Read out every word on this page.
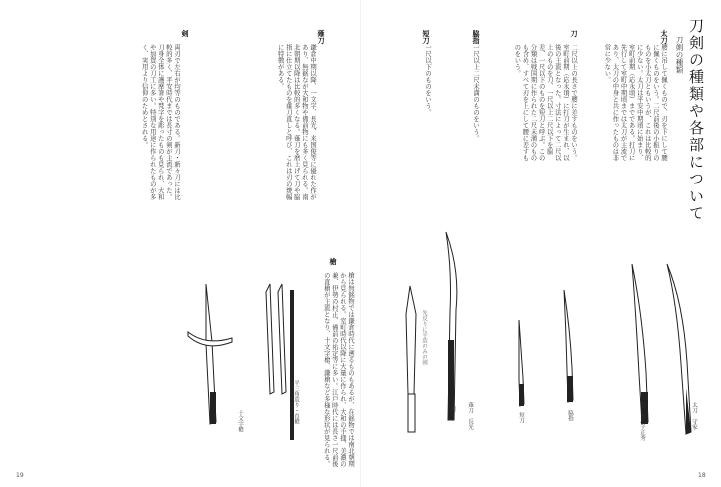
刀剣の種類や各部について
刀剣の種類
太刀
腰に吊して佩くもので、刃を下にして腰に佩くものをいう。二尺前後の小振りのものを小太刀ともいうが、これは比較的に少ない。太刀は平安中期頃に始まり、室町前期（応永頃）までである。打刀に先行して室町中期頃までは太刀が主流であり、太刀の中身と共に作ったものは非常に少ない。
刀
二尺以上の長さで腰に差すものをいう。室町前期（応永頃）に打刀が生まれ、以後の主流となった。寸法によって二尺以上のものを刀、一尺以上二尺以下を脇差、一尺以下のものを短刀と呼ぶ。この分類は戦国期に作られた二尺未満のものも含め、すべて刃を上にして腰に差すものをいう。
脇指
一尺以上二尺未満のものをいう。
短刀
一尺以下のものをいう。
太刀　守家
刀　水心子正秀
脇指
短刀
薙刀　長光
薙刀
鎌倉中期以降、一文字、長光、来国俊等に優れた作があり、無銘なが大和物や備前物にも多く見られる。南北朝期以降は比較的多くなる。薙刀を磨上げて刀や脇指に仕立てたものを薙刀直しと呼び、これは刃の焼幅に特徴がある。
剣
両刃で左右が均等のものである。新刀・新々刀には比較的多く、平安時代までは長寸の剣が主流であった。刀身全体に護摩箸や梵字を彫ったものも見られ、大和や加賀の刀工に多い。特別な用途に作られたものが多く、実用より信仰のためとされる。
槍
槍は無銘物では鎌倉時代に遡るものもあるが、在銘物では南北朝期から見られる。室町時代以降に大量に作られ、大和の手掻、美濃の兼、伊勢の村正、備前の祐定等に多い。江戸時代には長さ一尺前後の直槍が主流となり、十文字槍、鎌槍など多様な形状が見られる。
十文字槍	平三角造り・直槍	剣
先反りに平造のみの剣
19	18
